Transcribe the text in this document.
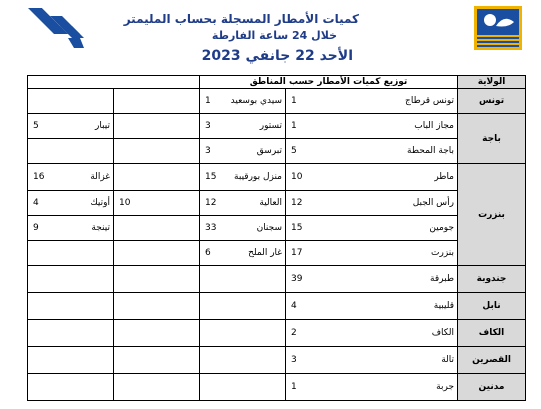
كميات الأمطار المسجلة بحساب المليمتر
خلال 24 ساعة الفارطة
الأحد 22 جانفي 2023
		توزيع كميات الأمطار حسب المناطق		الولاية

		1 سيدي بوسعيد	1 تونس قرطاج	تونس

5 تيبار		3 تستور	1 مجاز الباب	باجة

		3 تبرسق	5 باجة المحطة	

16 غزالة		15 منزل بورقيبة	10 ماطر	بنزرت

4 أوتيك	10	12 العالية	12 رأس الجبل	

9 تينجة		33 سجنان	15 جومين	

		6 غار الملح	17 بنزرت	

			39 طبرقة	جندوبة

			4 قليبية	نابل

			2 الكاف	الكاف

			3 تالة	القصرين

			1 جربة	مدنين
